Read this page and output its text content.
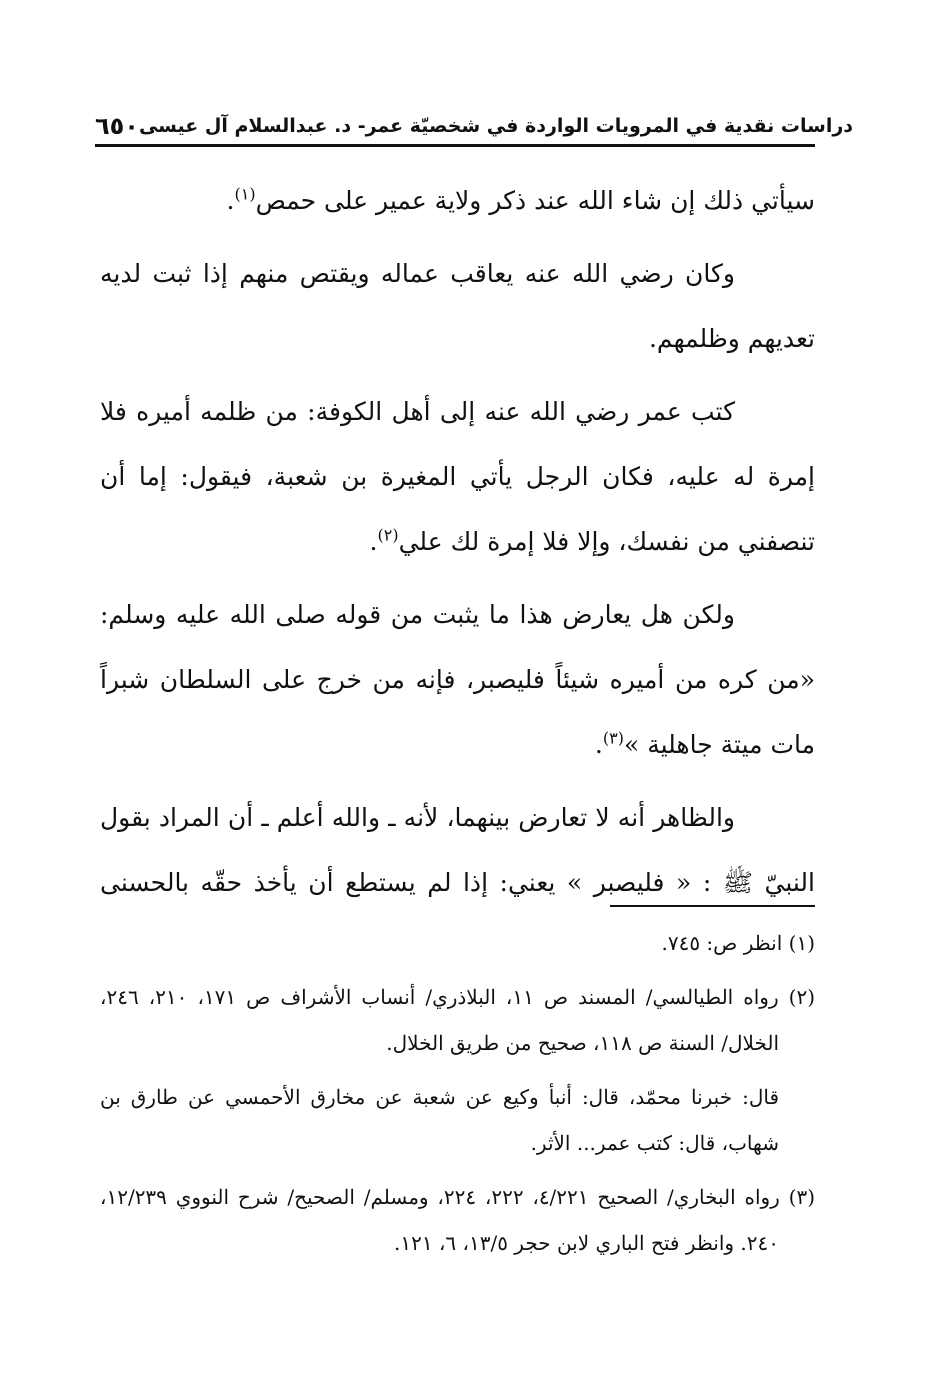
٦٥٠ دراسات نقدية في المرويات الواردة في شخصيّة عمر- د. عبدالسلام آل عيسى

سيأتي ذلك إن شاء الله عند ذكر ولاية عمير على حمص$^{(١)}$.

وكان رضي الله عنه يعاقب عماله ويقتص منهم إذا ثبت لديه تعديهم وظلمهم.

كتب عمر رضي الله عنه إلى أهل الكوفة: من ظلمه أميره فلا إمرة له عليه، فكان الرجل يأتي المغيرة بن شعبة، فيقول: إما أن تنصفني من نفسك، وإلا فلا إمرة لك علي$^{(٢)}$.

ولكن هل يعارض هذا ما يثبت من قوله صلى الله عليه وسلم: «من كره من أميره شيئاً فليصبر، فإنه من خرج على السلطان شبراً مات ميتة جاهلية »$^{(٣)}$.

والظاهر أنه لا تعارض بينهما، لأنه ـ والله أعلم ـ أن المراد بقول النبيّ ﷺ : « فليصبر » يعني: إذا لم يستطع أن يأخذ حقّه بالحسنى

(١) انظر ص: ٧٤٥.

(٢) رواه الطيالسي/ المسند ص ١١، البلاذري/ أنساب الأشراف ص ١٧١، ٢١٠، ٢٤٦، الخلال/ السنة ص ١١٨، صحيح من طريق الخلال.

قال: خبرنا محمّد، قال: أنبأ وكيع عن شعبة عن مخارق الأحمسي عن طارق بن شهاب، قال: كتب عمر... الأثر.

(٣) رواه البخاري/ الصحيح ٤/٢٢١، ٢٢٢، ٢٢٤، ومسلم/ الصحيح/ شرح النووي ١٢/٢٣٩، ٢٤٠. وانظر فتح الباري لابن حجر ١٣/٥، ٦، ١٢١.
